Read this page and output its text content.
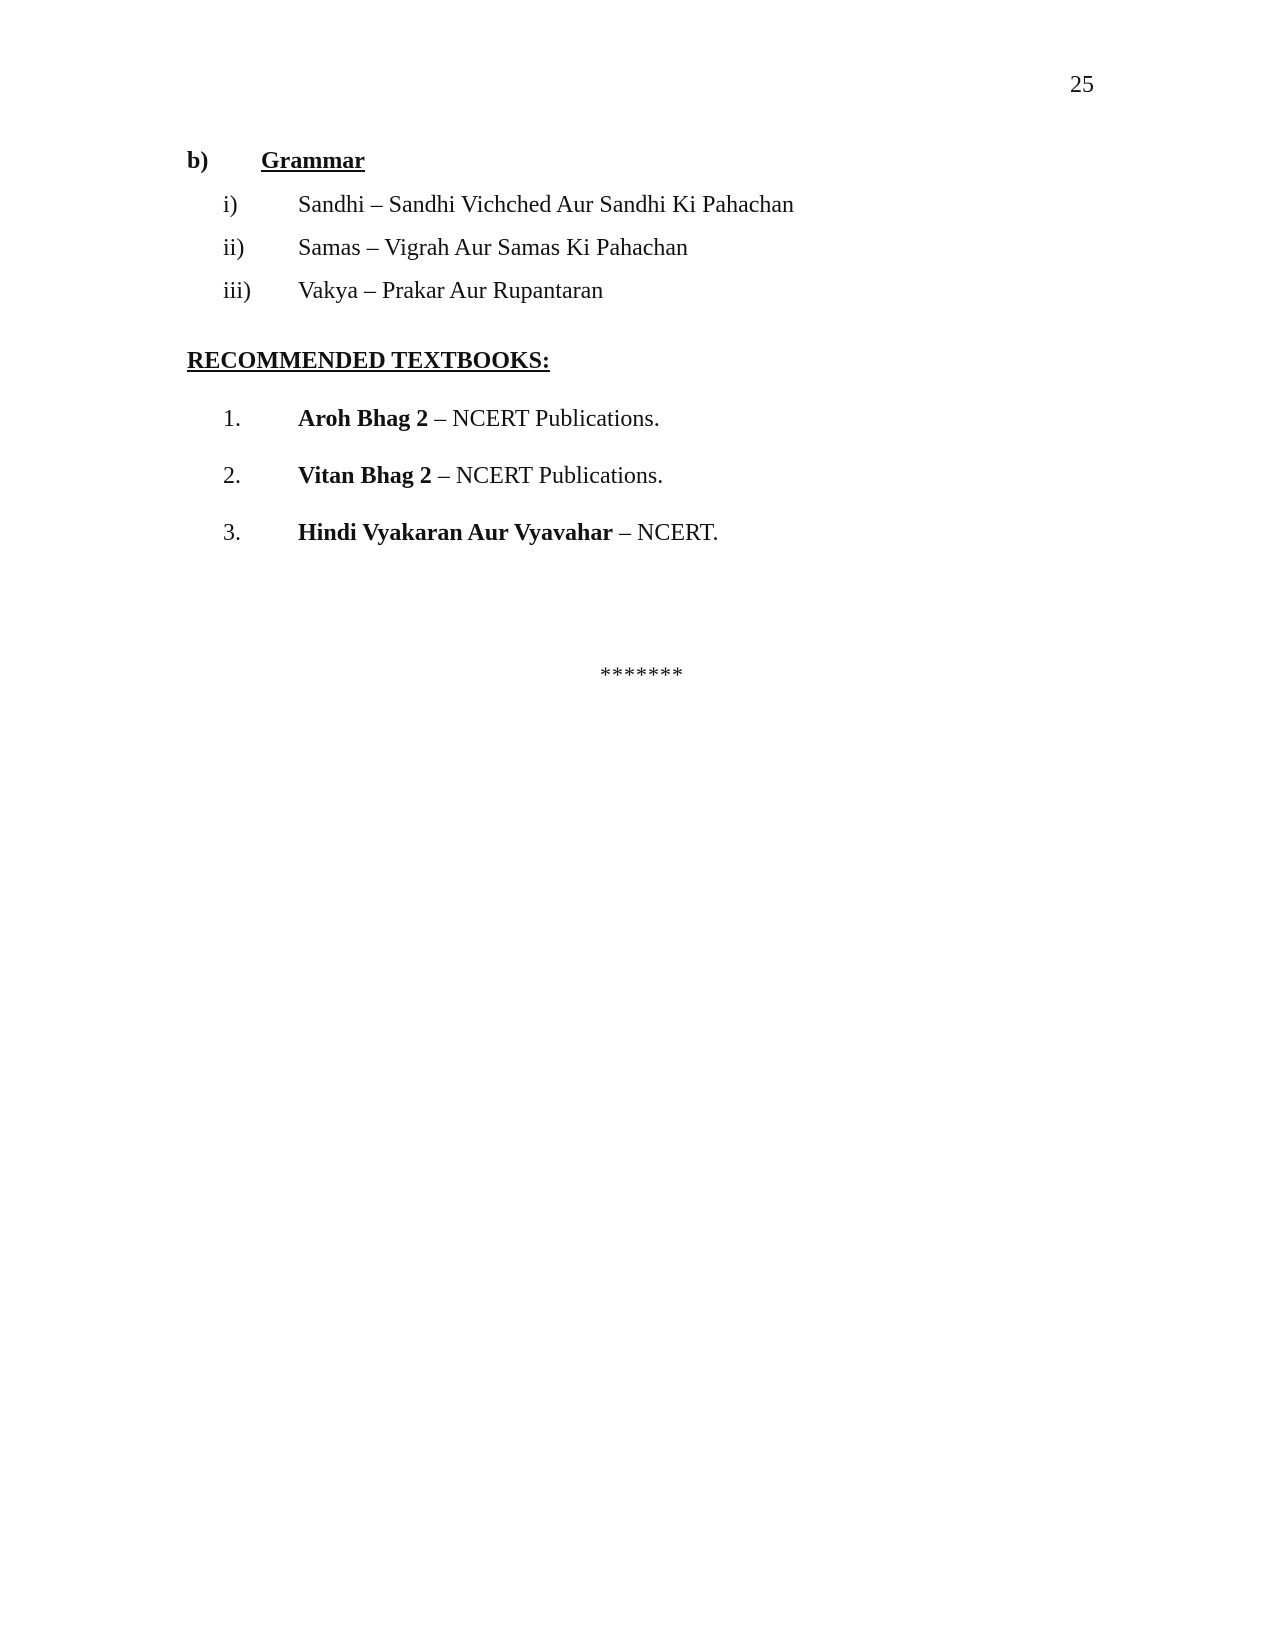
25
b) Grammar
i)	Sandhi – Sandhi Vichched Aur Sandhi Ki Pahachan
ii) Samas – Vigrah Aur Samas Ki Pahachan
iii) Vakya – Prakar Aur Rupantaran
RECOMMENDED TEXTBOOKS:
1. Aroh Bhag 2 – NCERT Publications.
2. Vitan Bhag 2 – NCERT Publications.
3. Hindi Vyakaran Aur Vyavahar – NCERT.
*******
